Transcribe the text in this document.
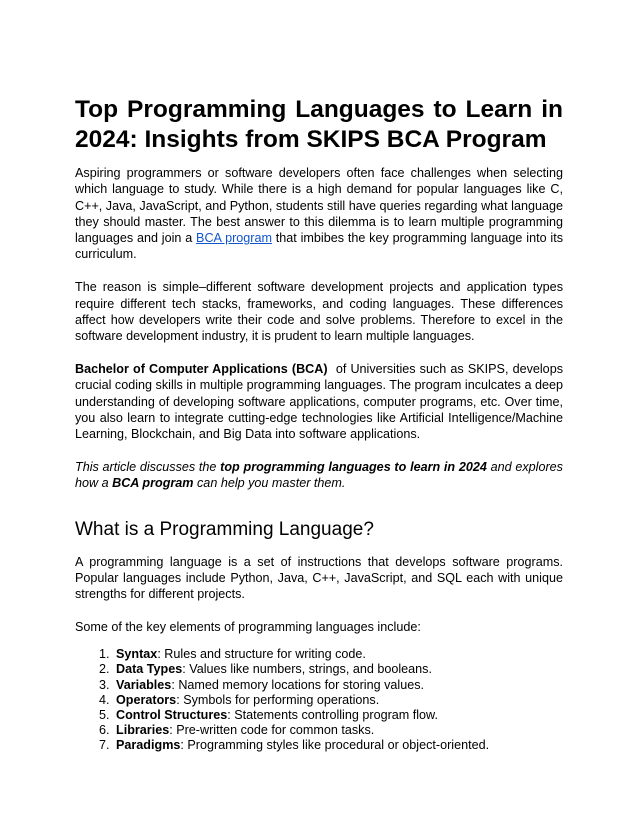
Top Programming Languages to Learn in 2024: Insights from SKIPS BCA Program

Aspiring programmers or software developers often face challenges when selecting which language to study. While there is a high demand for popular languages like C, C++, Java, JavaScript, and Python, students still have queries regarding what language they should master. The best answer to this dilemma is to learn multiple programming languages and join a BCA program that imbibes the key programming language into its curriculum.

The reason is simple–different software development projects and application types require different tech stacks, frameworks, and coding languages. These differences affect how developers write their code and solve problems. Therefore to excel in the software development industry, it is prudent to learn multiple languages.

Bachelor of Computer Applications (BCA)  of Universities such as SKIPS, develops crucial coding skills in multiple programming languages. The program inculcates a deep understanding of developing software applications, computer programs, etc. Over time, you also learn to integrate cutting-edge technologies like Artificial Intelligence/Machine Learning, Blockchain, and Big Data into software applications.

This article discusses the top programming languages to learn in 2024 and explores how a BCA program can help you master them.

What is a Programming Language?

A programming language is a set of instructions that develops software programs. Popular languages include Python, Java, C++, JavaScript, and SQL each with unique strengths for different projects.

Some of the key elements of programming languages include:

1. Syntax: Rules and structure for writing code.
2. Data Types: Values like numbers, strings, and booleans.
3. Variables: Named memory locations for storing values.
4. Operators: Symbols for performing operations.
5. Control Structures: Statements controlling program flow.
6. Libraries: Pre-written code for common tasks.
7. Paradigms: Programming styles like procedural or object-oriented.
